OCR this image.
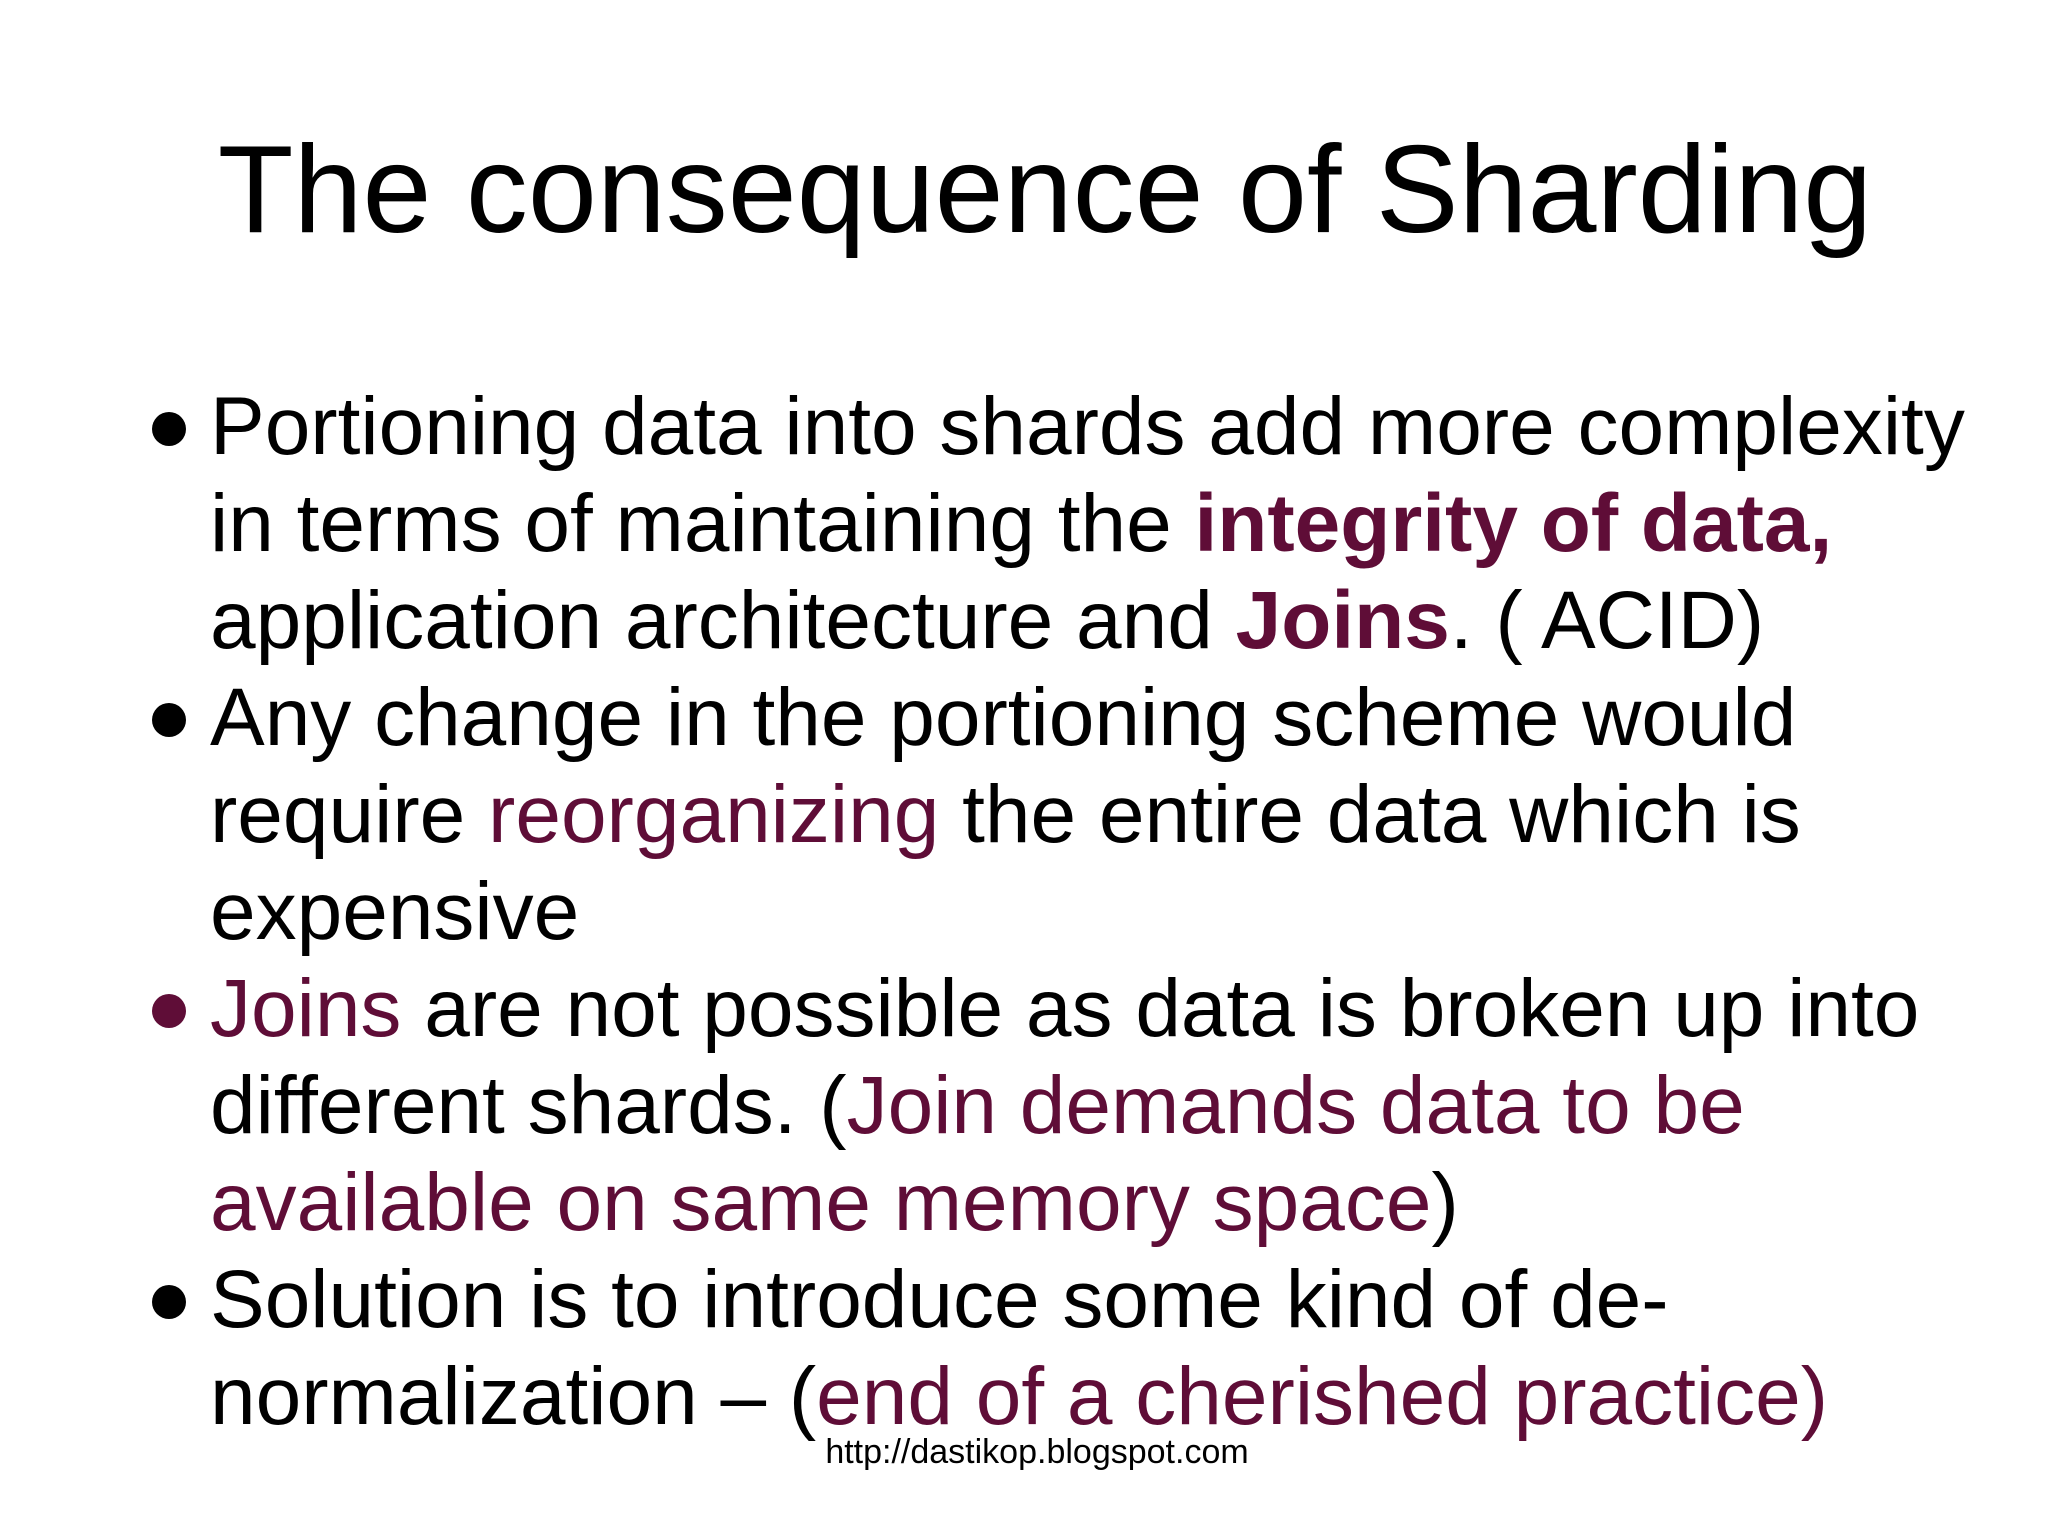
The consequence of Sharding
Portioning data into shards add more complexity
in terms of maintaining the integrity of data,
application architecture and Joins. ( ACID)
Any change in the portioning scheme would
require reorganizing the entire data which is
expensive
Joins are not possible as data is broken up into
different shards. (Join demands data to be
available on same memory space)
Solution is to introduce some kind of de-
normalization – (end of a cherished practice)
http://dastikop.blogspot.com
